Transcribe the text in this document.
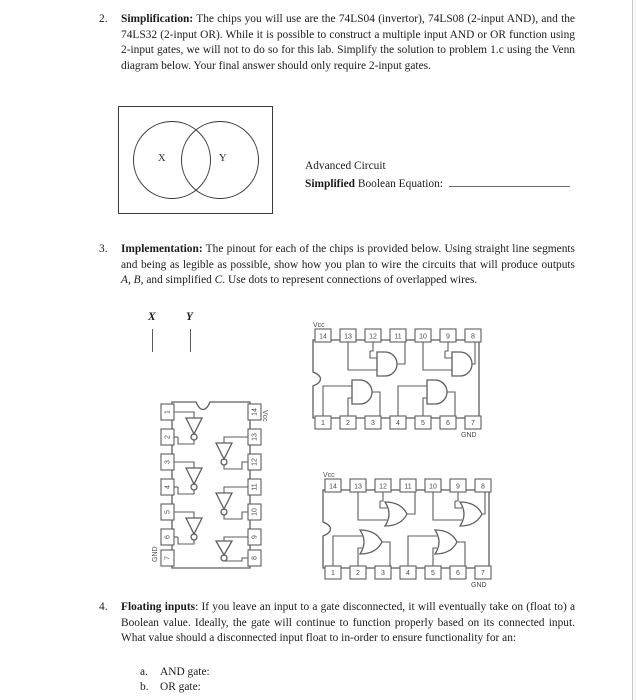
2.	Simplification: The chips you will use are the 74LS04 (invertor), 74LS08 (2-input AND), and the 74LS32 (2-input OR). While it is possible to construct a multiple input AND or OR function using 2-input gates, we will not to do so for this lab. Simplify the solution to problem 1.c using the Venn diagram below. Your final answer should only require 2-input gates.
X	Y
Advanced Circuit
Simplified Boolean Equation:
3.	Implementation: The pinout for each of the chips is provided below. Using straight line segments and being as legible as possible, show how you plan to wire the circuits that will produce outputs A, B, and simplified C. Use dots to represent connections of overlapped wires.
X	Y
Vcc
GND
14 13 12 11 10	9	8
1	2	3	4	5	6	7
Vcc
GND
14 13 12 11 10	9	8
1	2	3	4	5	6	7
Vcc
GND
1
2
3
4
5
6
7
14
13
12
11
10
9
8
4.	Floating inputs: If you leave an input to a gate disconnected, it will eventually take on (float to) a Boolean value. Ideally, the gate will continue to function properly based on its connected input. What value should a disconnected input float to in-order to ensure functionality for an:
a.	AND gate:
b.	OR gate:
